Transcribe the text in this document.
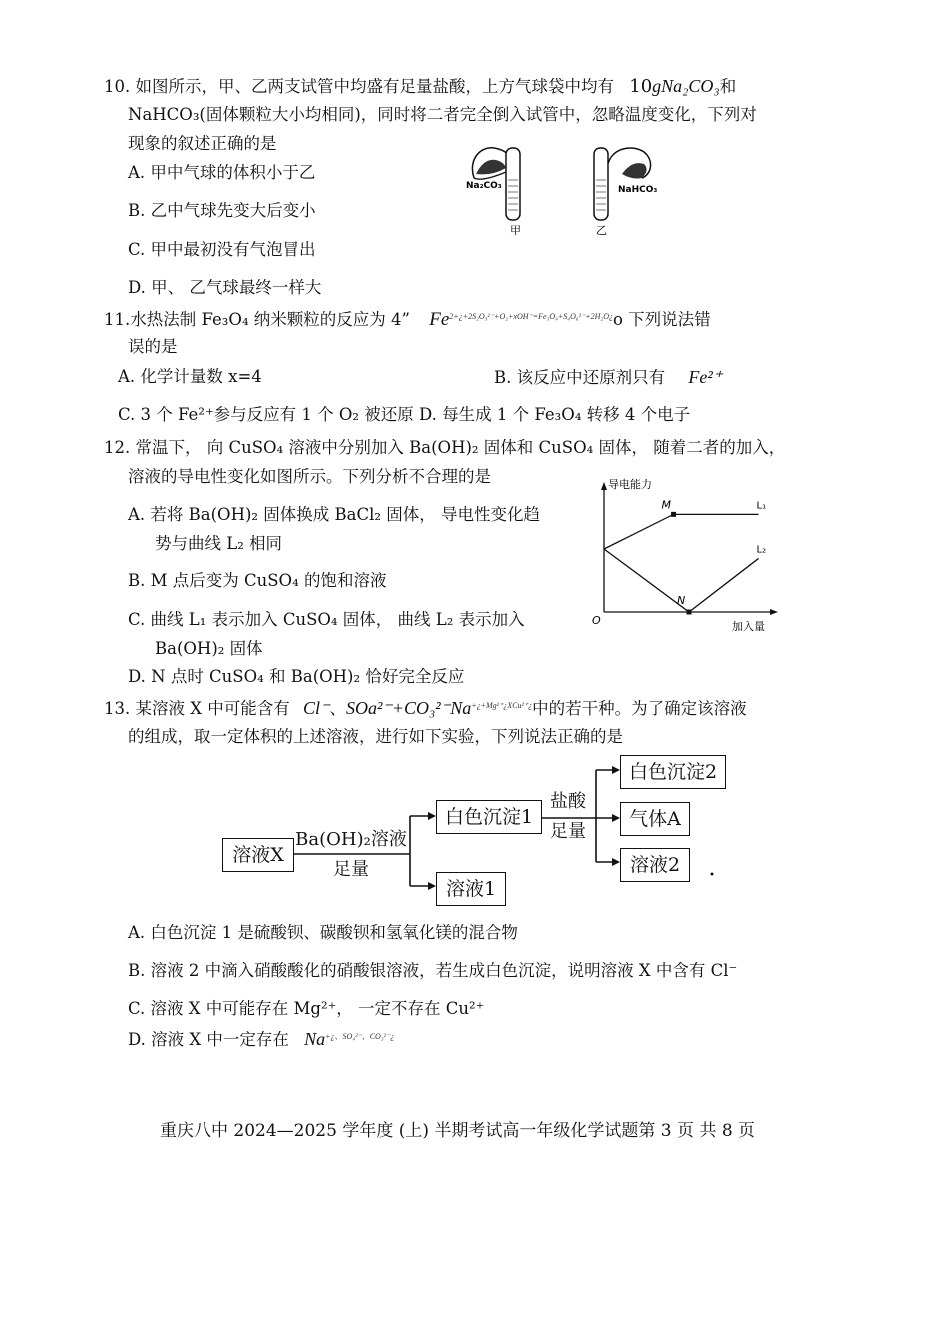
10. 如图所示，甲、乙两支试管中均盛有足量盐酸，上方气球袋中均有 10gNa₂CO₃和
NaHCO₃(固体颗粒大小均相同)，同时将二者完全倒入试管中，忽略温度变化，下列对
现象的叙述正确的是
A. 甲中气球的体积小于乙
B. 乙中气球先变大后变小
C. 甲中最初没有气泡冒出
D. 甲、 乙气球最终一样大
Na₂CO₃
甲
NaHCO₃
乙
11.水热法制 Fe₃O₄ 纳米颗粒的反应为 4” $Fe^{2+¿+2S_2O_3^{2-}+O_2+xOH^-=Fe_3O_4+S_4O_6^{2-}+2H_2O¿}o$ 下列说法错
误的是
A. 化学计量数 x=4	B. 该反应中还原剂只有 Fe²⁺
C. 3 个 Fe²⁺参与反应有 1 个 O₂ 被还原 D. 每生成 1 个 Fe₃O₄ 转移 4 个电子
12. 常温下， 向 CuSO₄ 溶液中分别加入 Ba(OH)₂ 固体和 CuSO₄ 固体， 随着二者的加入，
溶液的导电性变化如图所示。下列分析不合理的是
A. 若将 Ba(OH)₂ 固体换成 BaCl₂ 固体， 导电性变化趋
势与曲线 L₂ 相同
B. M 点后变为 CuSO₄ 的饱和溶液
C. 曲线 L₁ 表示加入 CuSO₄ 固体， 曲线 L₂ 表示加入
Ba(OH)₂ 固体
D. N 点时 CuSO₄ 和 Ba(OH)₂ 恰好完全反应
导电能力
加入量
O
M	L₁
N
L₂
13. 某溶液 X 中可能含有 Cl⁻、$SOa^{2-}+CO_3^{2-}Na^{+¿+Mg^{2+}¿XCu^{2+}¿}$中的若干种。为了确定该溶液
的组成，取一定体积的上述溶液，进行如下实验，下列说法正确的是
溶液X
Ba(OH)₂溶液
足量
白色沉淀1
溶液1
盐酸
足量
白色沉淀2
气体A
溶液2
A. 白色沉淀 1 是硫酸钡、碳酸钡和氢氧化镁的混合物
B. 溶液 2 中滴入硝酸酸化的硝酸银溶液，若生成白色沉淀，说明溶液 X 中含有 Cl⁻
C. 溶液 X 中可能存在 Mg²⁺， 一定不存在 Cu²⁺
D. 溶液 X 中一定存在 $Na^{+¿、SO_4^{2-}、CO_3^{2-}¿}$
重庆八中 2024—2025 学年度 (上) 半期考试高一年级化学试题第 3 页 共 8 页
